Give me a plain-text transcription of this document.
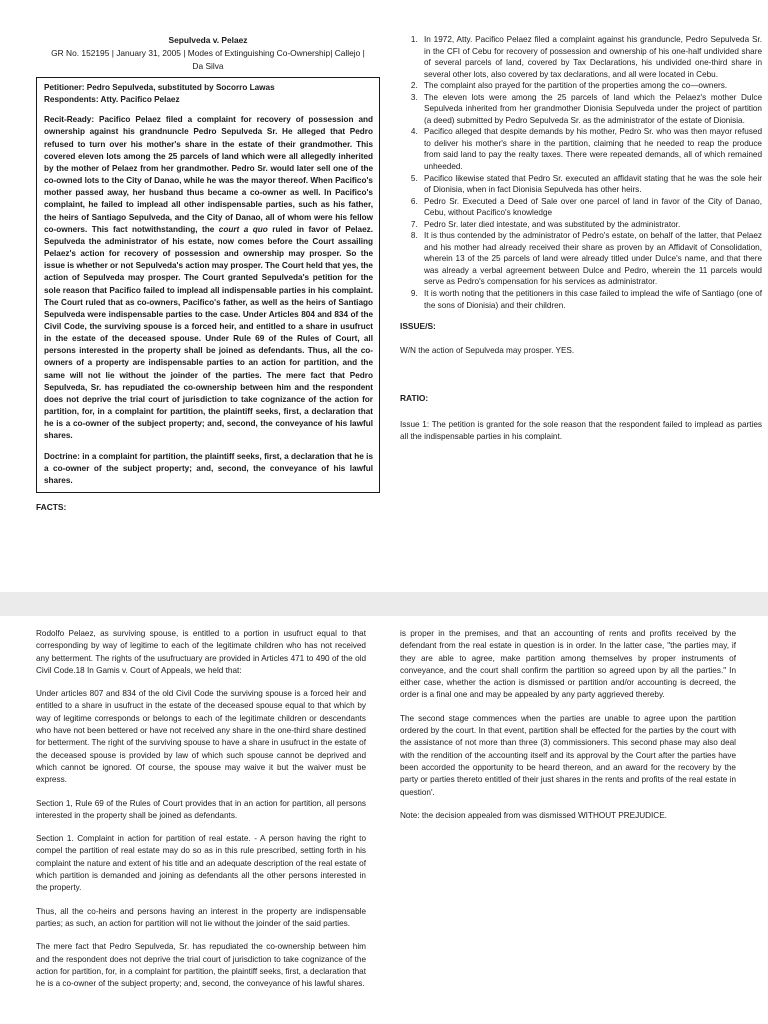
Sepulveda v. Pelaez
GR No. 152195 | January 31, 2005 | Modes of Extinguishing Co-Ownership| Callejo |
Da Silva

Petitioner: Pedro Sepulveda, substituted by Socorro Lawas

Respondents: Atty. Pacifico Pelaez

Recit-Ready: Pacifico Pelaez filed a complaint for recovery of possession and ownership against his grandnuncle Pedro Sepulveda Sr. He alleged that Pedro refused to turn over his mother's share in the estate of their grandmother. This covered eleven lots among the 25 parcels of land which were all allegedly inherited by the mother of Pelaez from her grandmother. Pedro Sr. would later sell one of the co-owned lots to the City of Danao, while he was the mayor thereof. When Pacifico's mother passed away, her husband thus became a co-owner as well. In Pacifico's complaint, he failed to implead all other indispensable parties, such as his father, the heirs of Santiago Sepulveda, and the City of Danao, all of whom were his fellow co-owners. This fact notwithstanding, the court a quo ruled in favor of Pelaez. Sepulveda the administrator of his estate, now comes before the Court assailing Pelaez's action for recovery of possession and ownership may prosper. So the issue is whether or not Sepulveda's action may prosper. The Court held that yes, the action of Sepulveda may prosper. The Court granted Sepulveda's petition for the sole reason that Pacifico failed to implead all indispensable parties in his complaint. The Court ruled that as co-owners, Pacifico's father, as well as the heirs of Santiago Sepulveda were indispensable parties to the case. Under Articles 804 and 834 of the Civil Code, the surviving spouse is a forced heir, and entitled to a share in usufruct in the estate of the deceased spouse. Under Rule 69 of the Rules of Court, all persons interested in the property shall be joined as defendants. Thus, all the co-owners of a property are indispensable parties to an action for partition, and the same will not lie without the joinder of the parties. The mere fact that Pedro Sepulveda, Sr. has repudiated the co-ownership between him and the respondent does not deprive the trial court of jurisdiction to take cognizance of the action for partition, for, in a complaint for partition, the plaintiff seeks, first, a declaration that he is a co-owner of the subject property; and, second, the conveyance of his lawful shares.

Doctrine: in a complaint for partition, the plaintiff seeks, first, a declaration that he is a co-owner of the subject property; and, second, the conveyance of his lawful shares.

FACTS:
1. In 1972, Atty. Pacifico Pelaez filed a complaint against his granduncle, Pedro Sepulveda Sr. in the CFI of Cebu for recovery of possession and ownership of his one-half undivided share of several parcels of land, covered by Tax Declarations, his undivided one-third share in several other lots, also covered by tax declarations, and all were located in Cebu.
2. The complaint also prayed for the partition of the properties among the co—owners.
3. The eleven lots were among the 25 parcels of land which the Pelaez's mother Dulce Sepulveda inherited from her grandmother Dionisia Sepulveda under the project of partition (a deed) submitted by Pedro Sepulveda Sr. as the administrator of the estate of Dionisia.
4. Pacifico alleged that despite demands by his mother, Pedro Sr. who was then mayor refused to deliver his mother's share in the partition, claiming that he needed to reap the produce from said land to pay the realty taxes. There were repeated demands, all of which remained unheeded.
5. Pacifico likewise stated that Pedro Sr. executed an affidavit stating that he was the sole heir of Dionisia, when in fact Dionisia Sepulveda has other heirs.
6. Pedro Sr. Executed a Deed of Sale over one parcel of land in favor of the City of Danao, Cebu, without Pacifico's knowledge
7. Pedro Sr. later died intestate, and was substituted by the administrator.
8. It is thus contended by the administrator of Pedro's estate, on behalf of the latter, that Pelaez and his mother had already received their share as proven by an Affidavit of Consolidation, wherein 13 of the 25 parcels of land were already titled under Dulce's name, and that there was already a verbal agreement between Dulce and Pedro, wherein the 11 parcels would serve as Pedro's compensation for his services as administrator.
9. It is worth noting that the petitioners in this case failed to implead the wife of Santiago (one of the sons of Dionisia) and their children.
ISSUE/S:
W/N the action of Sepulveda may prosper. YES.
RATIO:
Issue 1: The petition is granted for the sole reason that the respondent failed to implead as parties all the indispensable parties in his complaint.

Rodolfo Pelaez, as surviving spouse, is entitled to a portion in usufruct equal to that corresponding by way of legitime to each of the legitimate children who has not received any betterment. The rights of the usufructuary are provided in Articles 471 to 490 of the old Civil Code.18 In Gamis v. Court of Appeals, we held that:

Under articles 807 and 834 of the old Civil Code the surviving spouse is a forced heir and entitled to a share in usufruct in the estate of the deceased spouse equal to that which by way of legitime corresponds or belongs to each of the legitimate children or descendants who have not been bettered or have not received any share in the one-third share destined for betterment. The right of the surviving spouse to have a share in usufruct in the estate of the deceased spouse is provided by law of which such spouse cannot be deprived and which cannot be ignored. Of course, the spouse may waive it but the waiver must be express.

Section 1, Rule 69 of the Rules of Court provides that in an action for partition, all persons interested in the property shall be joined as defendants.

Section 1. Complaint in action for partition of real estate. - A person having the right to compel the partition of real estate may do so as in this rule prescribed, setting forth in his complaint the nature and extent of his title and an adequate description of the real estate of which partition is demanded and joining as defendants all the other persons interested in the property.

Thus, all the co-heirs and persons having an interest in the property are indispensable parties; as such, an action for partition will not lie without the joinder of the said parties.

The mere fact that Pedro Sepulveda, Sr. has repudiated the co-ownership between him and the respondent does not deprive the trial court of jurisdiction to take cognizance of the action for partition, for, in a complaint for partition, the plaintiff seeks, first, a declaration that he is a co-owner of the subject property; and, second, the conveyance of his lawful shares.

is proper in the premises, and that an accounting of rents and profits received by the defendant from the real estate in question is in order. In the latter case, "the parties may, if they are able to agree, make partition among themselves by proper instruments of conveyance, and the court shall confirm the partition so agreed upon by all the parties." In either case, whether the action is dismissed or partition and/or accounting is decreed, the order is a final one and may be appealed by any party aggrieved thereby.

The second stage commences when the parties are unable to agree upon the partition ordered by the court. In that event, partition shall be effected for the parties by the court with the assistance of not more than three (3) commissioners. This second phase may also deal with the rendition of the accounting itself and its approval by the Court after the parties have been accorded the opportunity to be heard thereon, and an award for the recovery by the party or parties thereto entitled of their just shares in the rents and profits of the real estate in question'.

Note: the decision appealed from was dismissed WITHOUT PREJUDICE.
